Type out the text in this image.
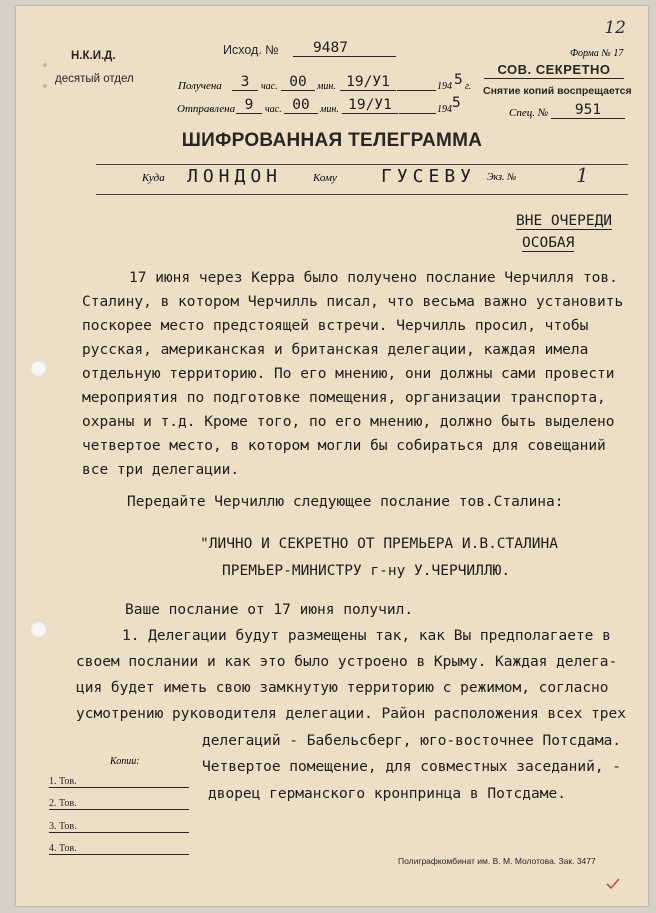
12
Н.К.И.Д.
десятый отдел
Исход. №	9487
Получена	3	час. 00	мин. 19/У1	194 5 г.
Отправлена 9	час. 00	мин. 19/У1	194 5
Форма № 17
СОВ. СЕКРЕТНО
Снятие копий воспрещается
Спец. №	951
ШИФРОВАННАЯ ТЕЛЕГРАММА
Куда ЛОНДОН	Кому ГУСЕВУ Экз. №	1
ВНЕ ОЧЕРЕДИ
ОСОБАЯ
17 июня через Керра было получено послание Черчилля тов.
Сталину, в котором Черчилль писал, что весьма важно установить
поскорее место предстоящей встречи. Черчилль просил, чтобы
русская, американская и британская делегации, каждая имела
отдельную территорию. По его мнению, они должны сами провести
мероприятия по подготовке помещения, организации транспорта,
охраны и т.д. Кроме того, по его мнению, должно быть выделено
четвертое место, в котором могли бы собираться для совещаний
все три делегации.
Передайте Черчиллю следующее послание тов.Сталина:
"ЛИЧНО И СЕКРЕТНО ОТ ПРЕМЬЕРА И.В.СТАЛИНА
ПРЕМЬЕР-МИНИСТРУ г-ну У.ЧЕРЧИЛЛЮ.
Ваше послание от 17 июня получил.
1. Делегации будут размещены так, как Вы предполагаете в
своем послании и как это было устроено в Крыму. Каждая делега-
ция будет иметь свою замкнутую территорию с режимом, согласно
усмотрению руководителя делегации. Район расположения всех трех
делегаций - Бабельсберг, юго-восточнее Потсдама.
Четвертое помещение, для совместных заседаний, -
дворец германского кронпринца в Потсдаме.
Копии:
1. Тов.
2. Тов.
3. Тов.
4. Тов.
Полиграфкомбинат им. В. М. Молотова. Зак. 3477
